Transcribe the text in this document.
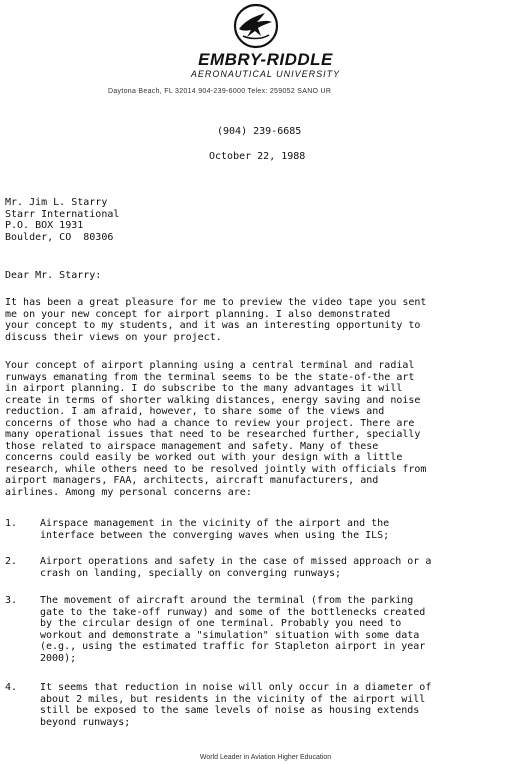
EMBRY-RIDDLE
AERONAUTICAL UNIVERSITY
Daytona Beach, FL 32014 904-239-6000 Telex: 259052 SANO UR
(904) 239-6685
October 22, 1988
Mr. Jim L. Starry
Starr International
P.O. BOX 1931
Boulder, CO  80306
Dear Mr. Starry:
It has been a great pleasure for me to preview the video tape you sent
me on your new concept for airport planning. I also demonstrated
your concept to my students, and it was an interesting opportunity to
discuss their views on your project.
Your concept of airport planning using a central terminal and radial
runways emanating from the terminal seems to be the state-of-the art
in airport planning. I do subscribe to the many advantages it will
create in terms of shorter walking distances, energy saving and noise
reduction. I am afraid, however, to share some of the views and
concerns of those who had a chance to review your project. There are
many operational issues that need to be researched further, specially
those related to airspace management and safety. Many of these
concerns could easily be worked out with your design with a little
research, while others need to be resolved jointly with officials from
airport managers, FAA, architects, aircraft manufacturers, and
airlines. Among my personal concerns are:
1. Airspace management in the vicinity of the airport and the
interface between the converging waves when using the ILS;
2. Airport operations and safety in the case of missed approach or a
crash on landing, specially on converging runways;
3. The movement of aircraft around the terminal (from the parking
gate to the take-off runway) and some of the bottlenecks created
by the circular design of one terminal. Probably you need to
workout and demonstrate a "simulation" situation with some data
(e.g., using the estimated traffic for Stapleton airport in year
2000);
4. It seems that reduction in noise will only occur in a diameter of
about 2 miles, but residents in the vicinity of the airport will
still be exposed to the same levels of noise as housing extends
beyond runways;
World Leader in Aviation Higher Education
